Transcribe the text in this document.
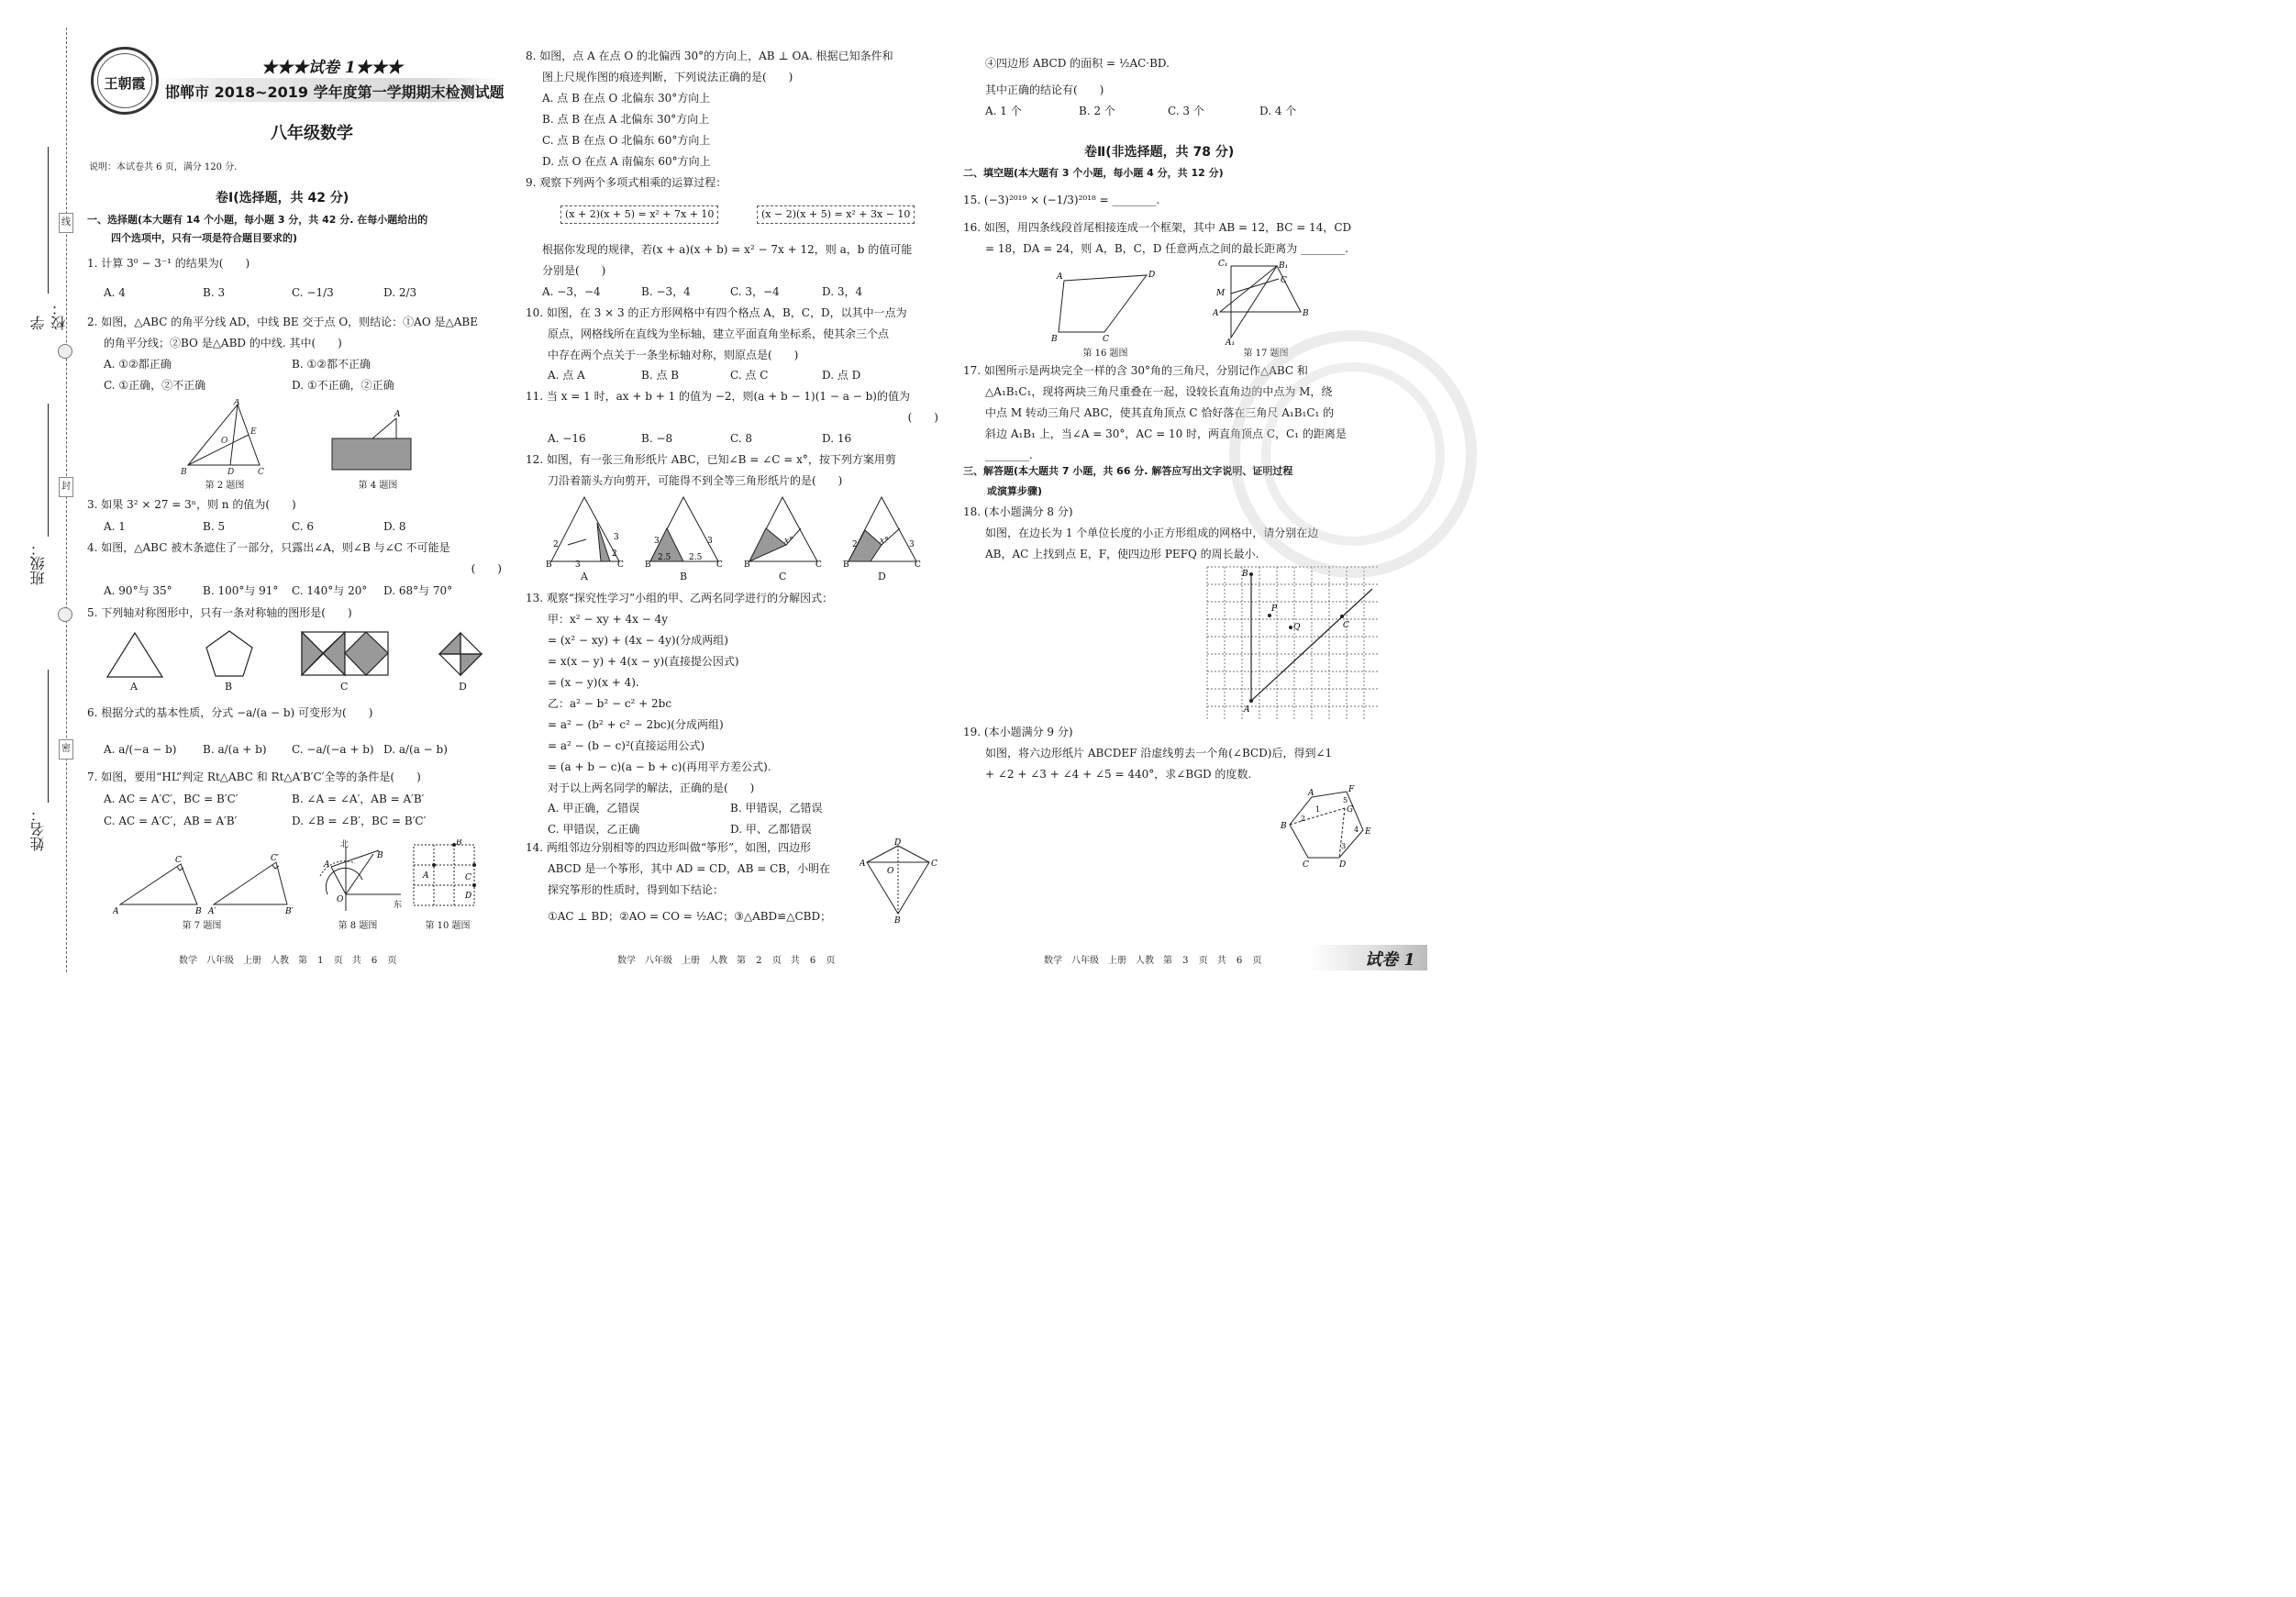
线
封
密
学校：
班级：
姓名：
王朝霞
★★★试卷 1★★★
邯郸市 2018~2019 学年度第一学期期末检测试题
八年级数学
说明：本试卷共 6 页，满分 120 分.
卷Ⅰ(选择题，共 42 分)
一、选择题(本大题有 14 个小题，每小题 3 分，共 42 分. 在每小题给出的
四个选项中，只有一项是符合题目要求的)
1. 计算 3⁰ − 3⁻¹ 的结果为(　　)
A. 4	B. 3	C. −1/3	D. 2/3
2. 如图，△ABC 的角平分线 AD，中线 BE 交于点 O，则结论：①AO 是△ABE
的角平分线；②BO 是△ABD 的中线. 其中(　　)
A. ①②都正确	B. ①②都不正确
C. ①正确，②不正确	D. ①不正确，②正确
A
B	D	C
E
O
第 2 题图
A
第 4 题图
3. 如果 3² × 27 = 3ⁿ，则 n 的值为(　　)
A. 1	B. 5	C. 6	D. 8
4. 如图，△ABC 被木条遮住了一部分，只露出∠A，则∠B 与∠C 不可能是
(　　)
A. 90°与 35°	B. 100°与 91° C. 140°与 20° D. 68°与 70°
5. 下列轴对称图形中，只有一条对称轴的图形是(　　)
A	B	C	D
6. 根据分式的基本性质，分式 −a/(a − b) 可变形为(　　)
A. a/(−a − b) B. a/(a + b) C. −a/(−a + b) D. a/(a − b)
7. 如图，要用“HL”判定 Rt△ABC 和 Rt△A′B′C′全等的条件是(　　)
A. AC = A′C′，BC = B′C′	B. ∠A = ∠A′，AB = A′B′
C. AC = A′C′，AB = A′B′	D. ∠B = ∠B′，BC = B′C′
A
C
B A′
C′
B′
第 7 题图
北
东
A
B
O
第 8 题图
B
A	C
D
第 10 题图
数学　八年级　上册　人教　第 1 页　共 6 页
8. 如图，点 A 在点 O 的北偏西 30°的方向上，AB ⊥ OA. 根据已知条件和
图上尺规作图的痕迹判断，下列说法正确的是(　　)
A. 点 B 在点 O 北偏东 30°方向上
B. 点 B 在点 A 北偏东 30°方向上
C. 点 B 在点 O 北偏东 60°方向上
D. 点 O 在点 A 南偏东 60°方向上
9. 观察下列两个多项式相乘的运算过程：
(x + 2)(x + 5) = x² + 7x + 10	(x − 2)(x + 5) = x² + 3x − 10
根据你发现的规律，若(x + a)(x + b) = x² − 7x + 12，则 a，b 的值可能
分别是(　　)
A. −3，−4	B. −3，4	C. 3，−4	D. 3，4
10. 如图，在 3 × 3 的正方形网格中有四个格点 A，B，C，D，以其中一点为
原点，网格线所在直线为坐标轴，建立平面直角坐标系，使其余三个点
中存在两个点关于一条坐标轴对称，则原点是(　　)
A. 点 A	B. 点 B	C. 点 C	D. 点 D
11. 当 x = 1 时，ax + b + 1 的值为 −2，则(a + b − 1)(1 − a − b)的值为
(　　)
A. −16	B. −8	C. 8	D. 16
12. 如图，有一张三角形纸片 ABC，已知∠B = ∠C = x°，按下列方案用剪
刀沿着箭头方向剪开，可能得不到全等三角形纸片的是(　　)
B	C
2
3
3
2
B	C
3	3
2.5 2.5
B	C
x°
B	C
2	3
x°
A	B	C	D
13. 观察“探究性学习”小组的甲、乙两名同学进行的分解因式：
甲：x² − xy + 4x − 4y
= (x² − xy) + (4x − 4y)(分成两组)
= x(x − y) + 4(x − y)(直接提公因式)
= (x − y)(x + 4).
乙：a² − b² − c² + 2bc
= a² − (b² + c² − 2bc)(分成两组)
= a² − (b − c)²(直接运用公式)
= (a + b − c)(a − b + c)(再用平方差公式).
对于以上两名同学的解法，正确的是(　　)
A. 甲正确，乙错误	B. 甲错误，乙错误
C. 甲错误，乙正确	D. 甲、乙都错误
14. 两组邻边分别相等的四边形叫做“筝形”，如图，四边形
ABCD 是一个筝形，其中 AD = CD，AB = CB，小明在
探究筝形的性质时，得到如下结论：
①AC ⊥ BD；②AO = CO = ½AC；③△ABD≌△CBD；
D
C
A
O
B
数学　八年级　上册　人教　第 2 页　共 6 页
④四边形 ABCD 的面积 = ½AC·BD.
其中正确的结论有(　　)
A. 1 个	B. 2 个	C. 3 个	D. 4 个
卷Ⅱ(非选择题，共 78 分)
二、填空题(本大题有 3 个小题，每小题 4 分，共 12 分)
15. (−3)²⁰¹⁹ × (−1/3)²⁰¹⁸ = ________.
16. 如图，用四条线段首尾相接连成一个框架，其中 AB = 12，BC = 14，CD
= 18，DA = 24，则 A，B，C，D 任意两点之间的最长距离为 ________.
A	D
B	C
第 16 题图
C₁	B₁
C
M
A	B
A₁
第 17 题图
17. 如图所示是两块完全一样的含 30°角的三角尺，分别记作△ABC 和
△A₁B₁C₁，现将两块三角尺重叠在一起，设较长直角边的中点为 M，绕
中点 M 转动三角尺 ABC，使其直角顶点 C 恰好落在三角尺 A₁B₁C₁ 的
斜边 A₁B₁ 上，当∠A = 30°，AC = 10 时，两直角顶点 C，C₁ 的距离是
________.
三、解答题(本大题共 7 小题，共 66 分. 解答应写出文字说明、证明过程
或演算步骤)
18. (本小题满分 8 分)
如图，在边长为 1 个单位长度的小正方形组成的网格中，请分别在边
AB，AC 上找到点 E，F，使四边形 PEFQ 的周长最小.
B
A
P
Q	C
19. (本小题满分 9 分)
如图，将六边形纸片 ABCDEF 沿虚线剪去一个角(∠BCD)后，得到∠1
+ ∠2 + ∠3 + ∠4 + ∠5 = 440°，求∠BGD 的度数.
A	F
E
D
C
B
G
1
2
3
4
5
数学　八年级　上册　人教　第 3 页　共 6 页	试卷 1
